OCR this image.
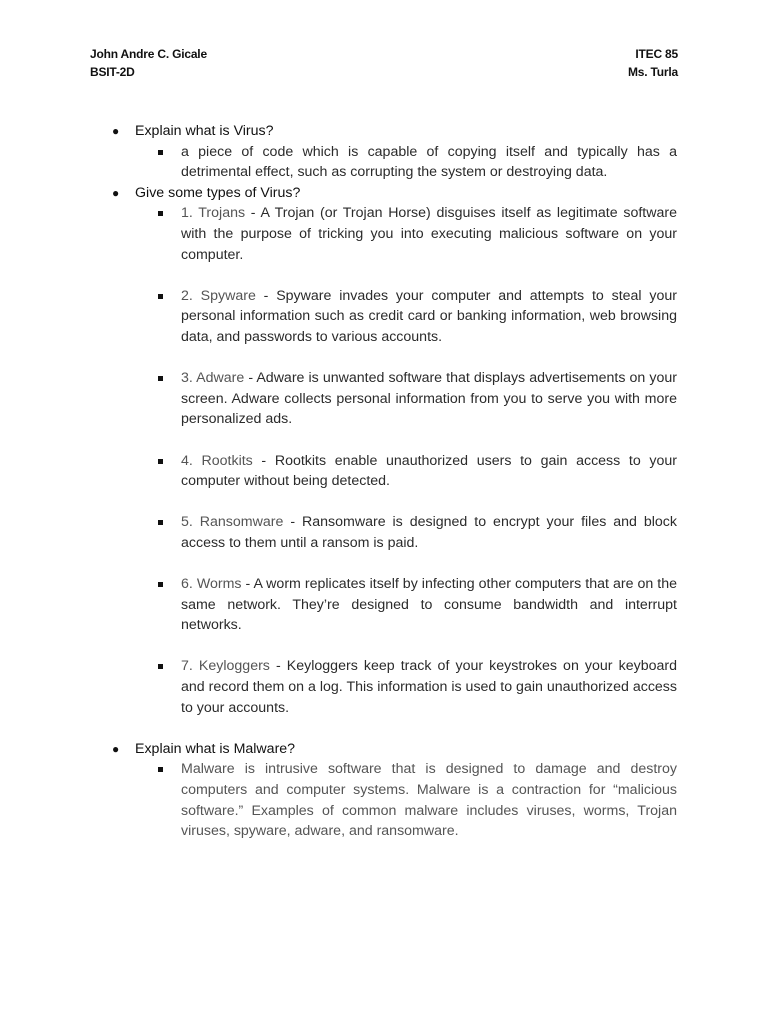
John Andre C. Gicale
BSIT-2D
ITEC 85
Ms. Turla
● Explain what is Virus?
a piece of code which is capable of copying itself and typically has a detrimental effect, such as corrupting the system or destroying data.
● Give some types of Virus?
1. Trojans - A Trojan (or Trojan Horse) disguises itself as legitimate software with the purpose of tricking you into executing malicious software on your computer.
2. Spyware - Spyware invades your computer and attempts to steal your personal information such as credit card or banking information, web browsing data, and passwords to various accounts.
3. Adware - Adware is unwanted software that displays advertisements on your screen. Adware collects personal information from you to serve you with more personalized ads.
4. Rootkits - Rootkits enable unauthorized users to gain access to your computer without being detected.
5. Ransomware - Ransomware is designed to encrypt your files and block access to them until a ransom is paid.
6. Worms - A worm replicates itself by infecting other computers that are on the same network. They’re designed to consume bandwidth and interrupt networks.
7. Keyloggers - Keyloggers keep track of your keystrokes on your keyboard and record them on a log. This information is used to gain unauthorized access to your accounts.
● Explain what is Malware?
Malware is intrusive software that is designed to damage and destroy computers and computer systems. Malware is a contraction for “malicious software.” Examples of common malware includes viruses, worms, Trojan viruses, spyware, adware, and ransomware.
